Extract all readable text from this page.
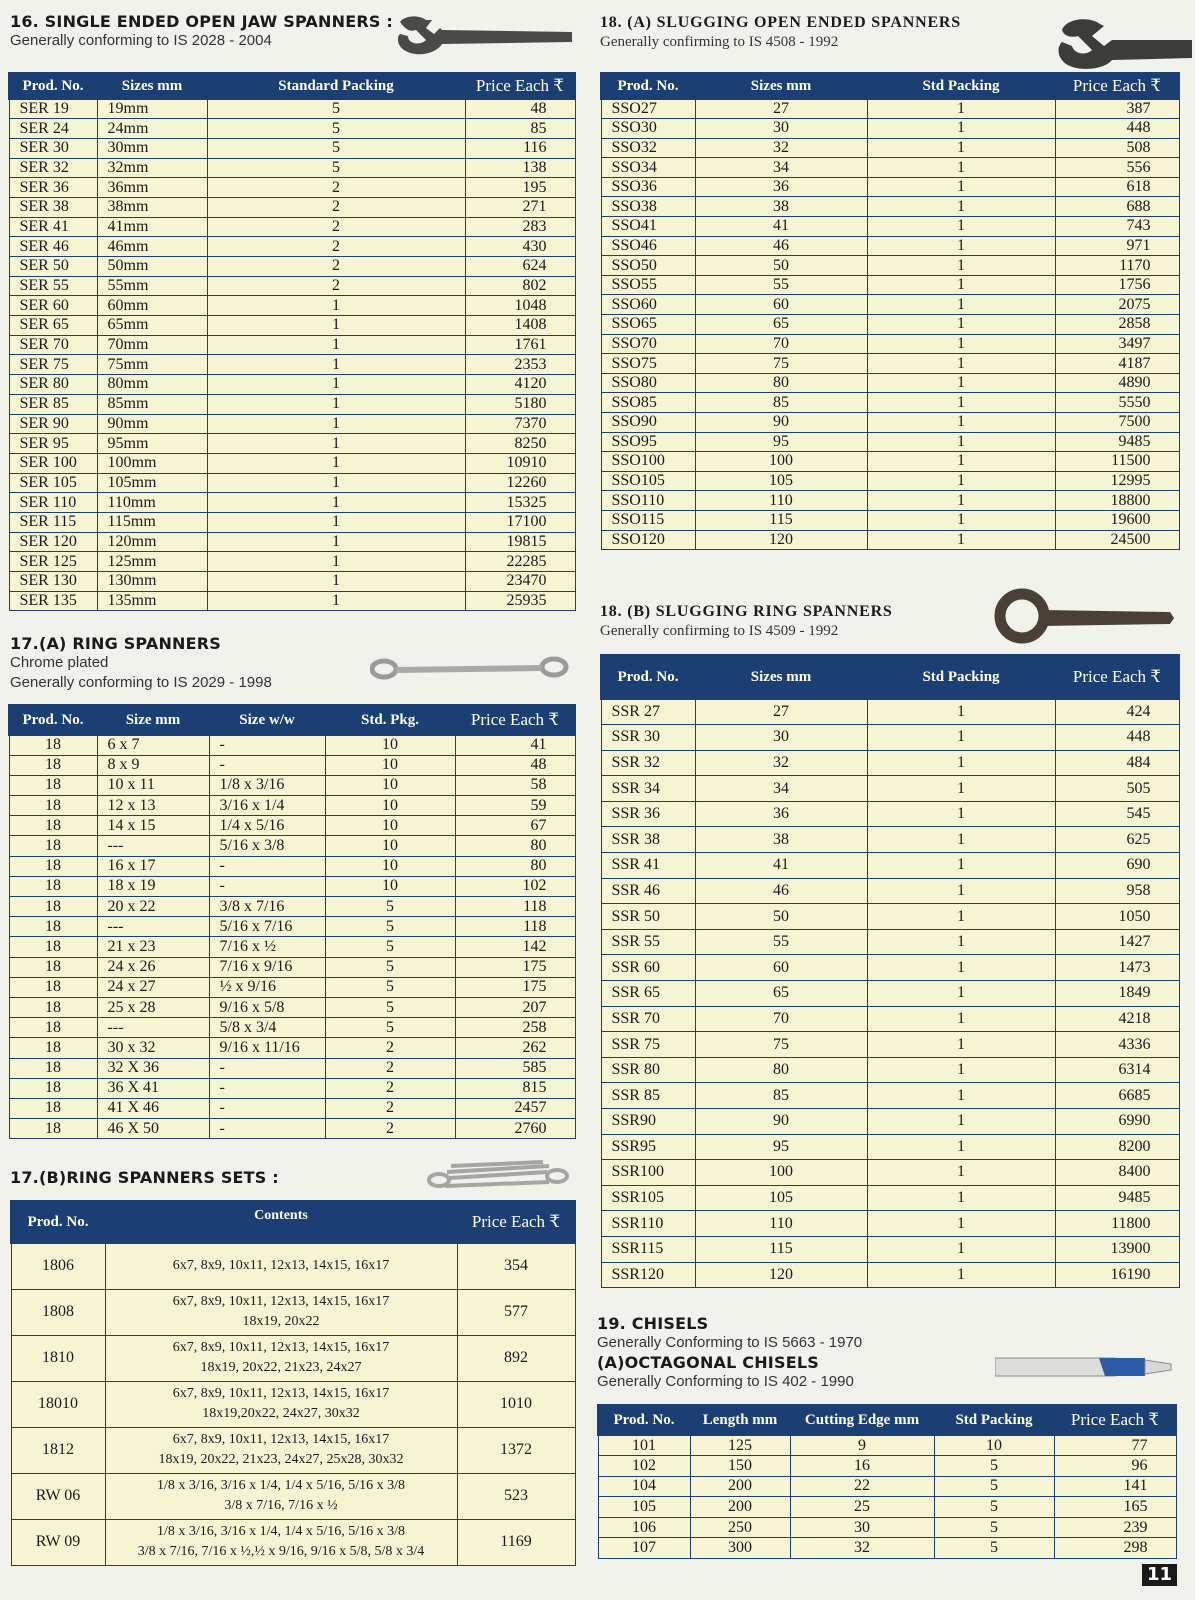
16. SINGLE ENDED OPEN JAW SPANNERS :
Generally conforming to IS 2028 - 2004
Prod. No.	Sizes mm	Standard Packing	Price Each ₹
SER 19	19mm	5	48
SER 24	24mm	5	85
SER 30	30mm	5	116
SER 32	32mm	5	138
SER 36	36mm	2	195
SER 38	38mm	2	271
SER 41	41mm	2	283
SER 46	46mm	2	430
SER 50	50mm	2	624
SER 55	55mm	2	802
SER 60	60mm	1	1048
SER 65	65mm	1	1408
SER 70	70mm	1	1761
SER 75	75mm	1	2353
SER 80	80mm	1	4120
SER 85	85mm	1	5180
SER 90	90mm	1	7370
SER 95	95mm	1	8250
SER 100	100mm	1	10910
SER 105	105mm	1	12260
SER 110	110mm	1	15325
SER 115	115mm	1	17100
SER 120	120mm	1	19815
SER 125	125mm	1	22285
SER 130	130mm	1	23470
SER 135	135mm	1	25935
17.(A) RING SPANNERS
Chrome plated
Generally conforming to IS 2029 - 1998
Prod. No.	Size mm	Size w/w	Std. Pkg.	Price Each ₹
18	6 x 7	-	10	41
18	8 x 9	-	10	48
18	10 x 11	1/8 x 3/16	10	58
18	12 x 13	3/16 x 1/4	10	59
18	14 x 15	1/4 x 5/16	10	67
18	---	5/16 x 3/8	10	80
18	16 x 17	-	10	80
18	18 x 19	-	10	102
18	20 x 22	3/8 x 7/16	5	118
18	---	5/16 x 7/16	5	118
18	21 x 23	7/16 x ½	5	142
18	24 x 26	7/16 x 9/16	5	175
18	24 x 27	½ x 9/16	5	175
18	25 x 28	9/16 x 5/8	5	207
18	---	5/8 x 3/4	5	258
18	30 x 32	9/16 x 11/16	2	262
18	32 X 36	-	2	585
18	36 X 41	-	2	815
18	41 X 46	-	2	2457
18	46 X 50	-	2	2760
17.(B)RING SPANNERS SETS :
Prod. No.	Contents	Price Each ₹
1806	6x7, 8x9, 10x11, 12x13, 14x15, 16x17	354
1808	6x7, 8x9, 10x11, 12x13, 14x15, 16x17
18x19, 20x22	577
1810	6x7, 8x9, 10x11, 12x13, 14x15, 16x17
18x19, 20x22, 21x23, 24x27	892
18010	6x7, 8x9, 10x11, 12x13, 14x15, 16x17
18x19,20x22, 24x27, 30x32	1010
1812	6x7, 8x9, 10x11, 12x13, 14x15, 16x17
18x19, 20x22, 21x23, 24x27, 25x28, 30x32	1372
RW 06	1/8 x 3/16, 3/16 x 1/4, 1/4 x 5/16, 5/16 x 3/8
3/8 x 7/16, 7/16 x ½	523
RW 09	1/8 x 3/16, 3/16 x 1/4, 1/4 x 5/16, 5/16 x 3/8
3/8 x 7/16, 7/16 x ½,½ x 9/16, 9/16 x 5/8, 5/8 x 3/4	1169
18. (A) SLUGGING OPEN ENDED SPANNERS
Generally confirming to IS 4508 - 1992
Prod. No.	Sizes mm	Std Packing	Price Each ₹
SSO27	27	1	387
SSO30	30	1	448
SSO32	32	1	508
SSO34	34	1	556
SSO36	36	1	618
SSO38	38	1	688
SSO41	41	1	743
SSO46	46	1	971
SSO50	50	1	1170
SSO55	55	1	1756
SSO60	60	1	2075
SSO65	65	1	2858
SSO70	70	1	3497
SSO75	75	1	4187
SSO80	80	1	4890
SSO85	85	1	5550
SSO90	90	1	7500
SSO95	95	1	9485
SSO100	100	1	11500
SSO105	105	1	12995
SSO110	110	1	18800
SSO115	115	1	19600
SSO120	120	1	24500
18. (B) SLUGGING RING SPANNERS
Generally confirming to IS 4509 - 1992
Prod. No.	Sizes mm	Std Packing	Price Each ₹
SSR 27	27	1	424
SSR 30	30	1	448
SSR 32	32	1	484
SSR 34	34	1	505
SSR 36	36	1	545
SSR 38	38	1	625
SSR 41	41	1	690
SSR 46	46	1	958
SSR 50	50	1	1050
SSR 55	55	1	1427
SSR 60	60	1	1473
SSR 65	65	1	1849
SSR 70	70	1	4218
SSR 75	75	1	4336
SSR 80	80	1	6314
SSR 85	85	1	6685
SSR90	90	1	6990
SSR95	95	1	8200
SSR100	100	1	8400
SSR105	105	1	9485
SSR110	110	1	11800
SSR115	115	1	13900
SSR120	120	1	16190
19. CHISELS
Generally Conforming to IS 5663 - 1970
(A)OCTAGONAL CHISELS
Generally Conforming to IS 402 - 1990
Prod. No.	Length mm	Cutting Edge mm	Std Packing	Price Each ₹
101	125	9	10	77
102	150	16	5	96
104	200	22	5	141
105	200	25	5	165
106	250	30	5	239
107	300	32	5	298
11
